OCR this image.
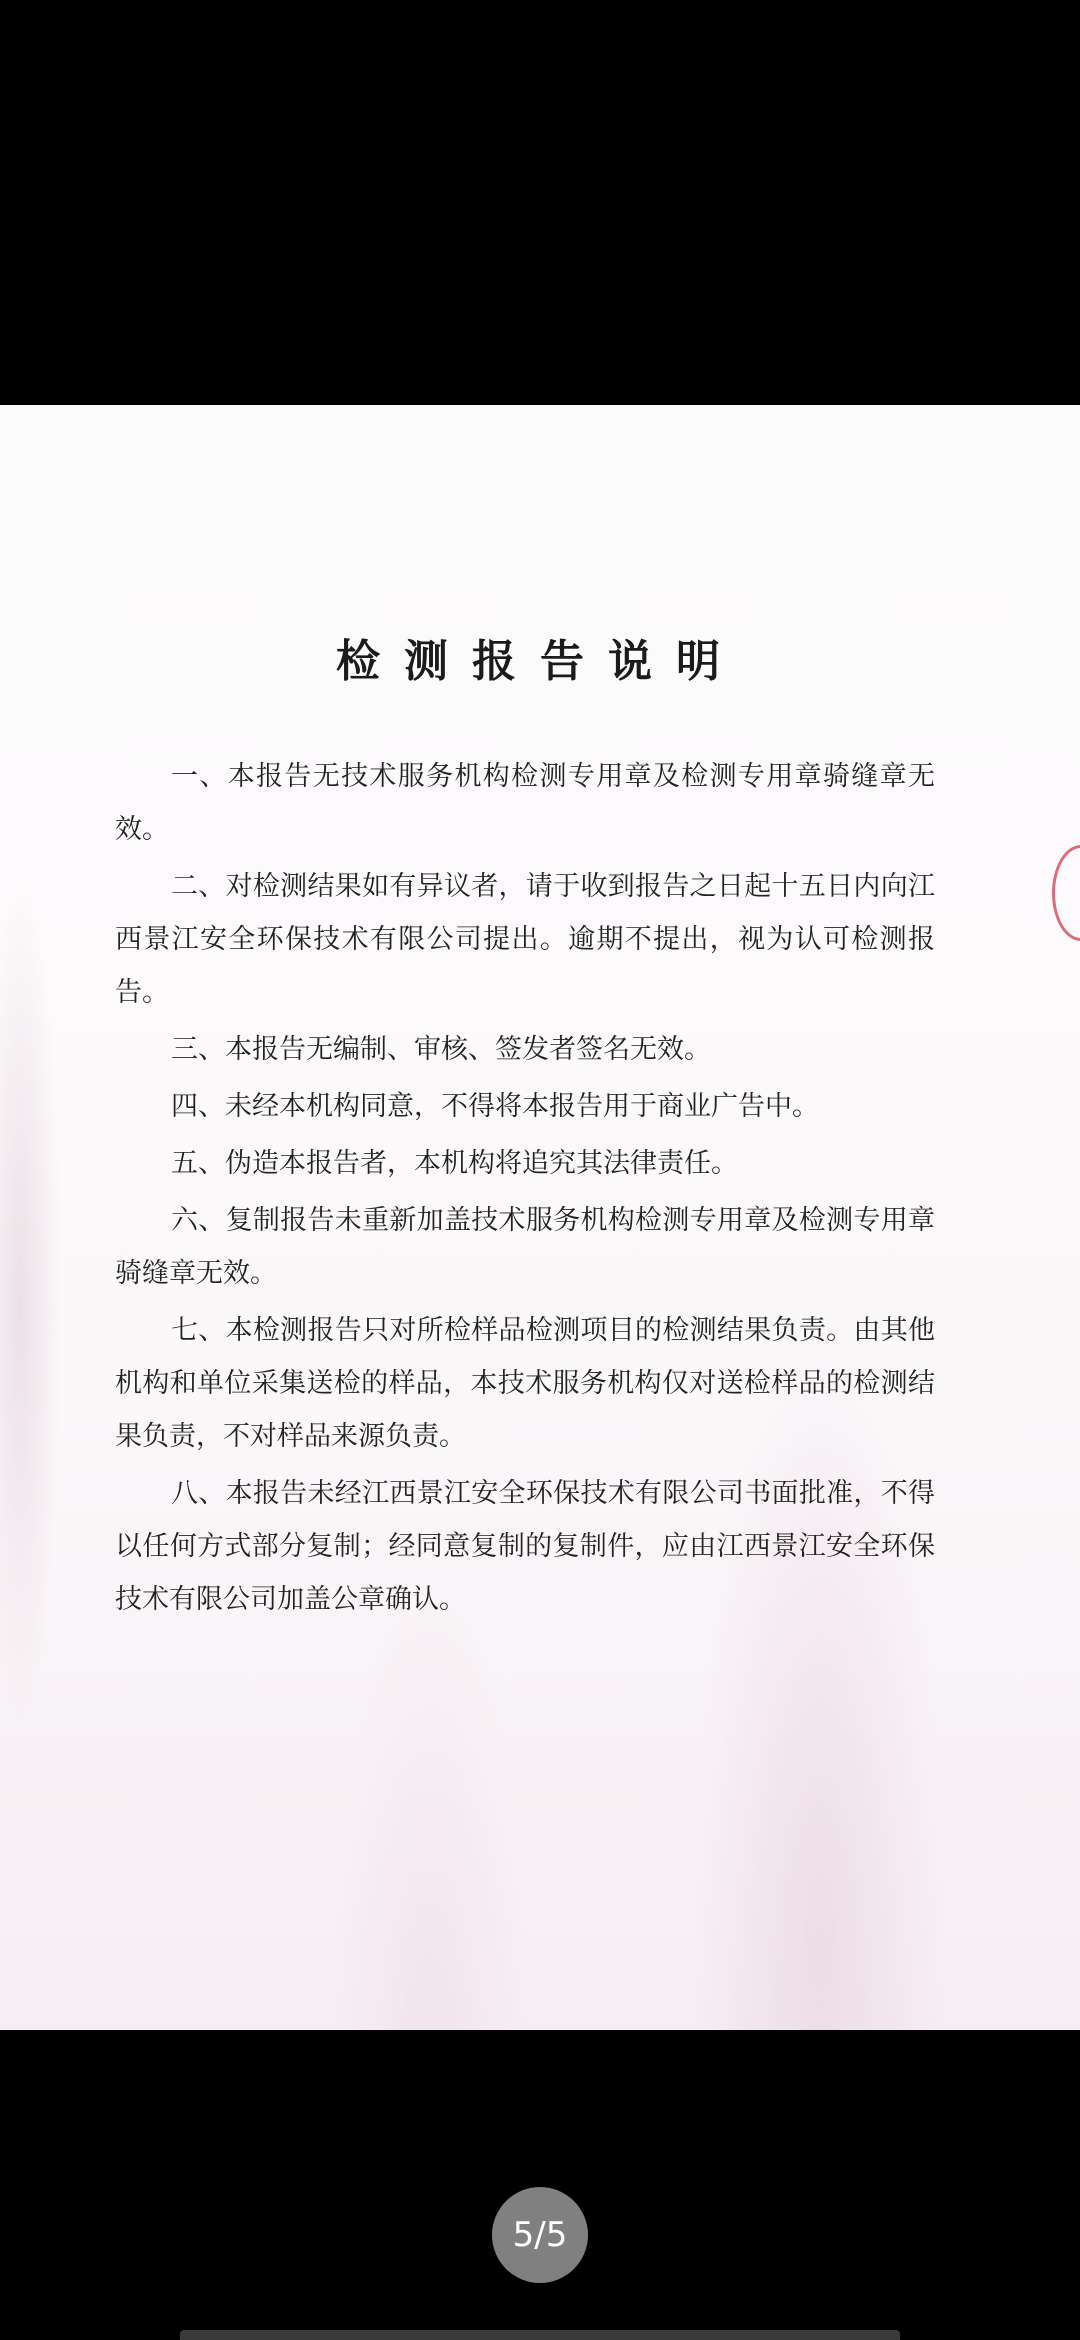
检测报告说明
一、本报告无技术服务机构检测专用章及检测专用章骑缝章无效。
二、对检测结果如有异议者，请于收到报告之日起十五日内向江西景江安全环保技术有限公司提出。逾期不提出，视为认可检测报告。
三、本报告无编制、审核、签发者签名无效。
四、未经本机构同意，不得将本报告用于商业广告中。
五、伪造本报告者，本机构将追究其法律责任。
六、复制报告未重新加盖技术服务机构检测专用章及检测专用章骑缝章无效。
七、本检测报告只对所检样品检测项目的检测结果负责。由其他机构和单位采集送检的样品，本技术服务机构仅对送检样品的检测结果负责，不对样品来源负责。
八、本报告未经江西景江安全环保技术有限公司书面批准，不得以任何方式部分复制；经同意复制的复制件，应由江西景江安全环保技术有限公司加盖公章确认。
5/5
